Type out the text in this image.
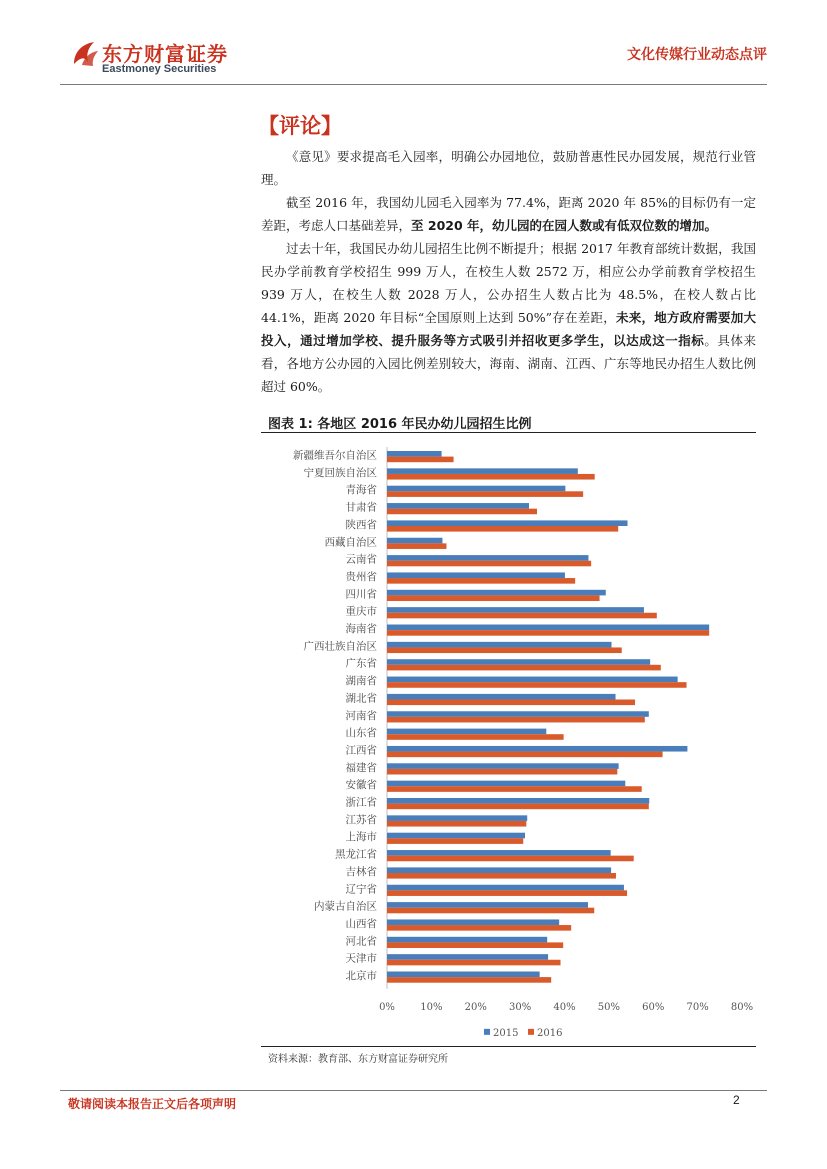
东方财富证券
Eastmoney Securities
文化传媒行业动态点评
【评论】

《意见》要求提高毛入园率，明确公办园地位，鼓励普惠性民办园发展，规范行业管理。

截至 2016 年，我国幼儿园毛入园率为 77.4%，距离 2020 年 85%的目标仍有一定差距，考虑人口基础差异，至 2020 年，幼儿园的在园人数或有低双位数的增加。

过去十年，我国民办幼儿园招生比例不断提升；根据 2017 年教育部统计数据，我国民办学前教育学校招生 999 万人，在校生人数 2572 万，相应公办学前教育学校招生 939 万人，在校生人数 2028 万人，公办招生人数占比为 48.5%，在校人数占比 44.1%，距离 2020 年目标“全国原则上达到 50%”存在差距，未来，地方政府需要加大投入，通过增加学校、提升服务等方式吸引并招收更多学生，以达成这一指标。具体来看，各地方公办园的入园比例差别较大，海南、湖南、江西、广东等地民办招生人数比例超过 60%。

图表 1: 各地区 2016 年民办幼儿园招生比例
新疆维吾尔自治区
宁夏回族自治区
青海省
甘肃省
陕西省
西藏自治区
云南省
贵州省
四川省
重庆市
海南省
广西壮族自治区
广东省
湖南省
湖北省
河南省
山东省
江西省
福建省
安徽省
浙江省
江苏省
上海市
黑龙江省
吉林省
辽宁省
内蒙古自治区
山西省
河北省
天津市
北京市
0%	10% 20% 30% 40% 50% 60% 70% 80%
2015 2016
资料来源：教育部、东方财富证券研究所
敬请阅读本报告正文后各项声明	2
